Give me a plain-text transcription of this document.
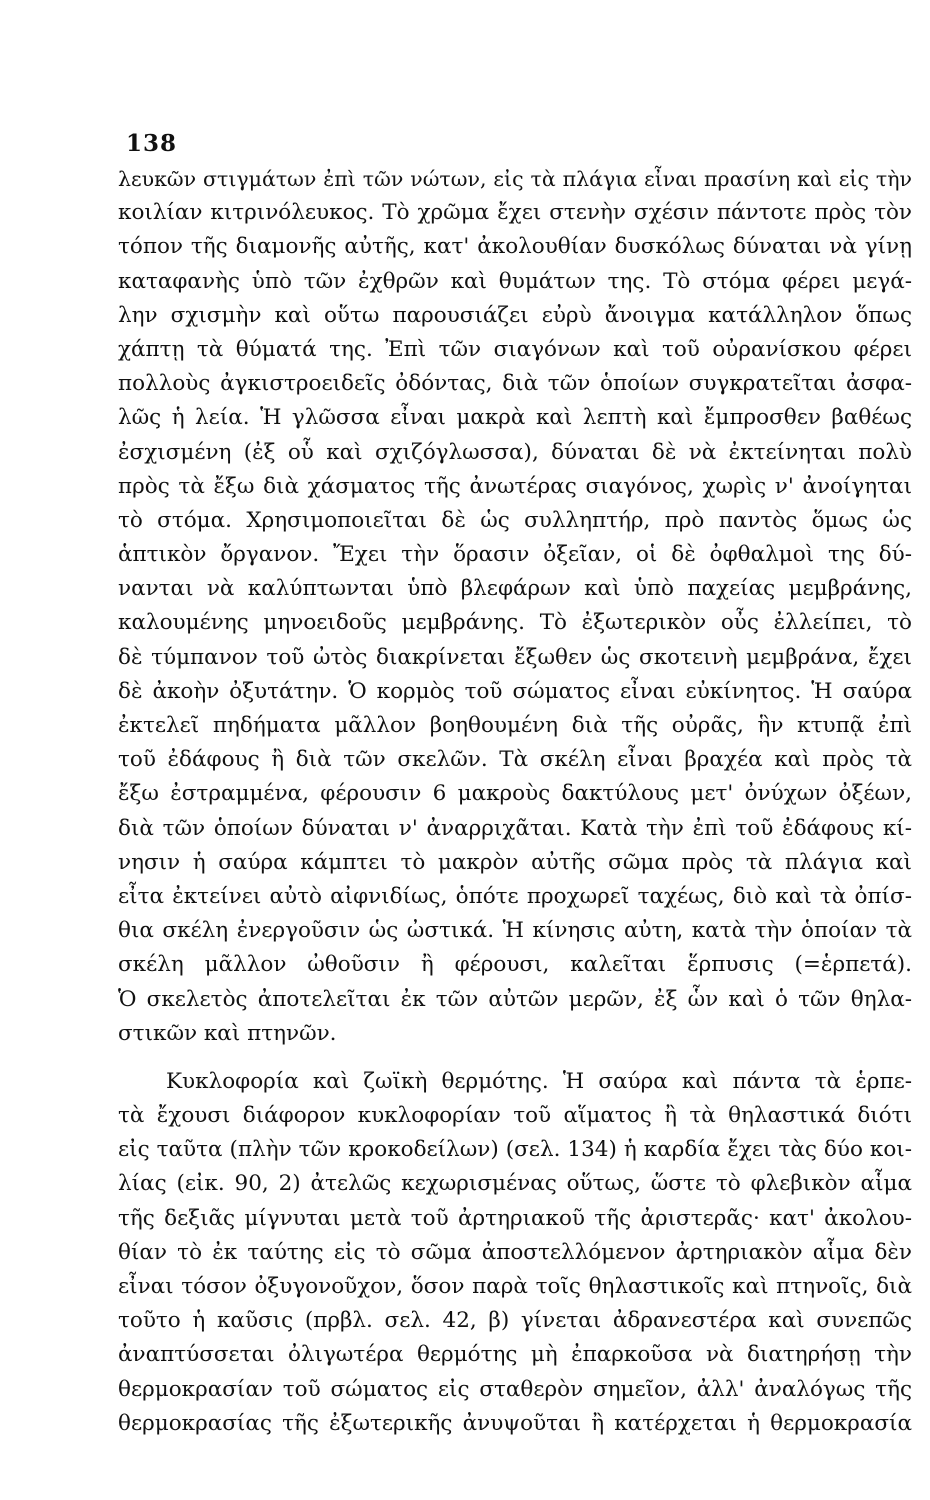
138
λευκῶν στιγμάτων ἐπὶ τῶν νώτων, εἰς τὰ πλάγια εἶναι πρασίνη καὶ εἰς τὴν
κοιλίαν κιτρινόλευκος. Τὸ χρῶμα ἔχει στενὴν σχέσιν πάντοτε πρὸς τὸν
τόπον τῆς διαμονῆς αὐτῆς, κατ' ἀκολουθίαν δυσκόλως δύναται νὰ γίνῃ
καταφανὴς ὑπὸ τῶν ἐχθρῶν καὶ θυμάτων της. Τὸ στόμα φέρει μεγά-
λην σχισμὴν καὶ οὕτω παρουσιάζει εὐρὺ ἄνοιγμα κατάλληλον ὅπως
χάπτῃ τὰ θύματά της. Ἐπὶ τῶν σιαγόνων καὶ τοῦ οὐρανίσκου φέρει
πολλοὺς ἀγκιστροειδεῖς ὀδόντας, διὰ τῶν ὁποίων συγκρατεῖται ἀσφα-
λῶς ἡ λεία. Ἡ γλῶσσα εἶναι μακρὰ καὶ λεπτὴ καὶ ἔμπροσθεν βαθέως
ἐσχισμένη (ἐξ οὗ καὶ σχιζόγλωσσα), δύναται δὲ νὰ ἐκτείνηται πολὺ
πρὸς τὰ ἔξω διὰ χάσματος τῆς ἀνωτέρας σιαγόνος, χωρὶς ν' ἀνοίγηται
τὸ στόμα. Χρησιμοποιεῖται δὲ ὡς συλληπτήρ, πρὸ παντὸς ὅμως ὡς
ἁπτικὸν ὄργανον. Ἔχει τὴν ὅρασιν ὀξεῖαν, οἱ δὲ ὀφθαλμοὶ της δύ-
νανται νὰ καλύπτωνται ὑπὸ βλεφάρων καὶ ὑπὸ παχείας μεμβράνης,
καλουμένης μηνοειδοῦς μεμβράνης. Τὸ ἐξωτερικὸν οὖς ἐλλείπει, τὸ
δὲ τύμπανον τοῦ ὠτὸς διακρίνεται ἔξωθεν ὡς σκοτεινὴ μεμβράνα, ἔχει
δὲ ἀκοὴν ὀξυτάτην. Ὁ κορμὸς τοῦ σώματος εἶναι εὐκίνητος. Ἡ σαύρα
ἐκτελεῖ πηδήματα μᾶλλον βοηθουμένη διὰ τῆς οὐρᾶς, ἣν κτυπᾷ ἐπὶ
τοῦ ἐδάφους ἢ διὰ τῶν σκελῶν. Τὰ σκέλη εἶναι βραχέα καὶ πρὸς τὰ
ἔξω ἐστραμμένα, φέρουσιν 6 μακροὺς δακτύλους μετ' ὀνύχων ὀξέων,
διὰ τῶν ὁποίων δύναται ν' ἀναρριχᾶται. Κατὰ τὴν ἐπὶ τοῦ ἐδάφους κί-
νησιν ἡ σαύρα κάμπτει τὸ μακρὸν αὐτῆς σῶμα πρὸς τὰ πλάγια καὶ
εἶτα ἐκτείνει αὐτὸ αἰφνιδίως, ὁπότε προχωρεῖ ταχέως, διὸ καὶ τὰ ὀπίσ-
θια σκέλη ἐνεργοῦσιν ὡς ὠστικά. Ἡ κίνησις αὐτη, κατὰ τὴν ὁποίαν τὰ
σκέλη μᾶλλον ὠθοῦσιν ἢ φέρουσι, καλεῖται ἕρπυσις (=ἑρπετά).
Ὁ σκελετὸς ἀποτελεῖται ἐκ τῶν αὐτῶν μερῶν, ἐξ ὧν καὶ ὁ τῶν θηλα-
στικῶν καὶ πτηνῶν.
Κυκλοφορία καὶ ζωϊκὴ θερμότης. Ἡ σαύρα καὶ πάντα τὰ ἑρπε-
τὰ ἔχουσι διάφορον κυκλοφορίαν τοῦ αἵματος ἢ τὰ θηλαστικά διότι
εἰς ταῦτα (πλὴν τῶν κροκοδείλων) (σελ. 134) ἡ καρδία ἔχει τὰς δύο κοι-
λίας (εἰκ. 90, 2) ἀτελῶς κεχωρισμένας οὕτως, ὥστε τὸ φλεβικὸν αἷμα
τῆς δεξιᾶς μίγνυται μετὰ τοῦ ἀρτηριακοῦ τῆς ἀριστερᾶς· κατ' ἀκολου-
θίαν τὸ ἐκ ταύτης εἰς τὸ σῶμα ἀποστελλόμενον ἀρτηριακὸν αἷμα δὲν
εἶναι τόσον ὀξυγονοῦχον, ὅσον παρὰ τοῖς θηλαστικοῖς καὶ πτηνοῖς, διὰ
τοῦτο ἡ καῦσις (πρβλ. σελ. 42, β) γίνεται ἀδρανεστέρα καὶ συνεπῶς
ἀναπτύσσεται ὀλιγωτέρα θερμότης μὴ ἐπαρκοῦσα νὰ διατηρήσῃ τὴν
θερμοκρασίαν τοῦ σώματος εἰς σταθερὸν σημεῖον, ἀλλ' ἀναλόγως τῆς
θερμοκρασίας τῆς ἐξωτερικῆς ἀνυψοῦται ἢ κατέρχεται ἡ θερμοκρασία
